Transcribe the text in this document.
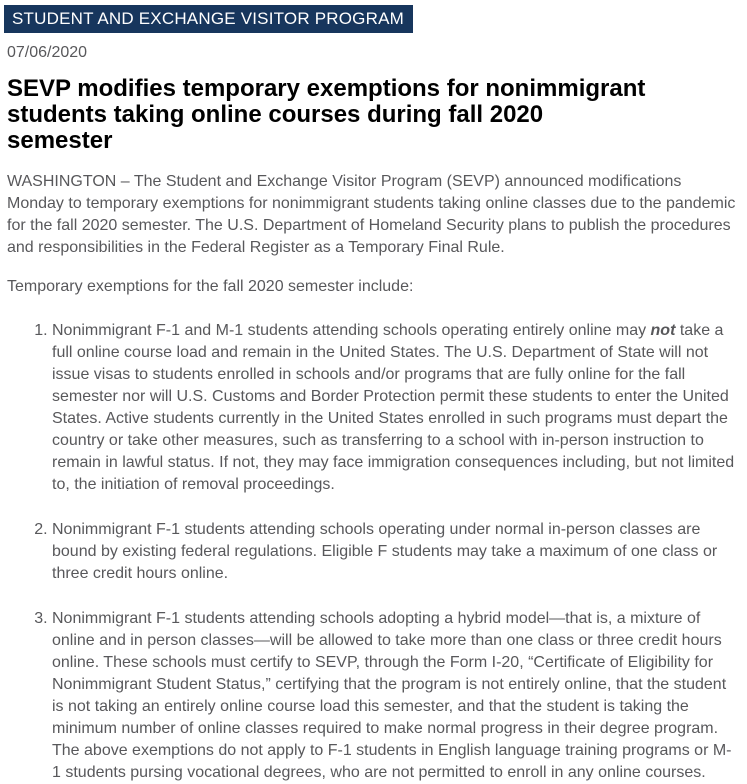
STUDENT AND EXCHANGE VISITOR PROGRAM

07/06/2020

SEVP modifies temporary exemptions for nonimmigrant students taking online courses during fall 2020 semester

WASHINGTON – The Student and Exchange Visitor Program (SEVP) announced modifications Monday to temporary exemptions for nonimmigrant students taking online classes due to the pandemic for the fall 2020 semester. The U.S. Department of Homeland Security plans to publish the procedures and responsibilities in the Federal Register as a Temporary Final Rule.

Temporary exemptions for the fall 2020 semester include:

1. Nonimmigrant F-1 and M-1 students attending schools operating entirely online may not take a full online course load and remain in the United States. The U.S. Department of State will not issue visas to students enrolled in schools and/or programs that are fully online for the fall semester nor will U.S. Customs and Border Protection permit these students to enter the United States. Active students currently in the United States enrolled in such programs must depart the country or take other measures, such as transferring to a school with in-person instruction to remain in lawful status. If not, they may face immigration consequences including, but not limited to, the initiation of removal proceedings.
2. Nonimmigrant F-1 students attending schools operating under normal in-person classes are bound by existing federal regulations. Eligible F students may take a maximum of one class or three credit hours online.
3. Nonimmigrant F-1 students attending schools adopting a hybrid model—that is, a mixture of online and in person classes—will be allowed to take more than one class or three credit hours online. These schools must certify to SEVP, through the Form I-20, “Certificate of Eligibility for Nonimmigrant Student Status,” certifying that the program is not entirely online, that the student is not taking an entirely online course load this semester, and that the student is taking the minimum number of online classes required to make normal progress in their degree program. The above exemptions do not apply to F-1 students in English language training programs or M-1 students pursing vocational degrees, who are not permitted to enroll in any online courses.
